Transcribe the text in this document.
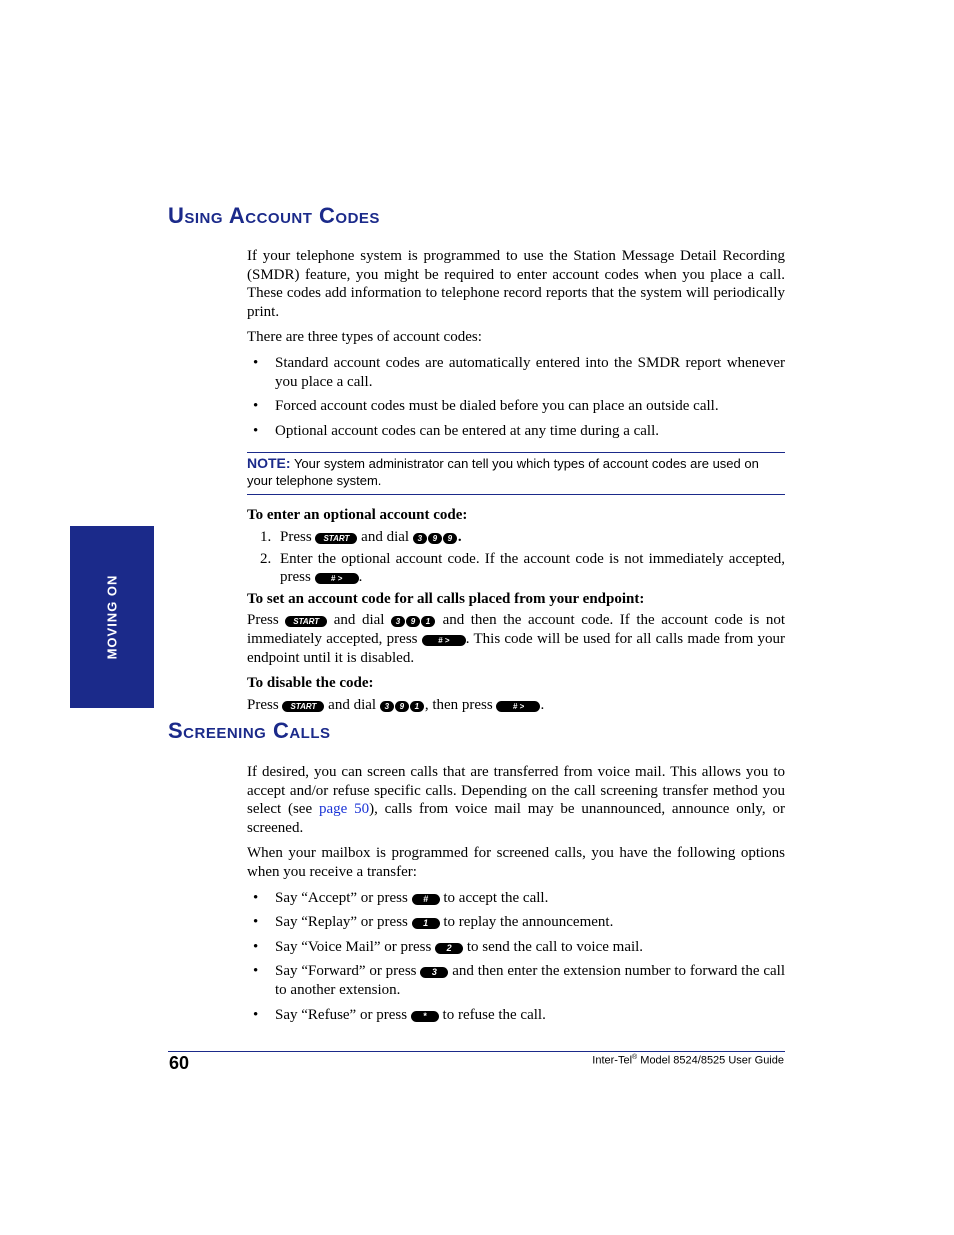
MOVING ON
Using Account Codes

If your telephone system is programmed to use the Station Message Detail Recording (SMDR) feature, you might be required to enter account codes when you place a call. These codes add information to telephone record reports that the system will periodically print.

There are three types of account codes:

• Standard account codes are automatically entered into the SMDR report whenever you place a call.

• Forced account codes must be dialed before you can place an outside call.

• Optional account codes can be entered at any time during a call.

NOTE: Your system administrator can tell you which types of account codes are used on your telephone system.

To enter an optional account code:

1. Press START and dial 3 9 9 .

2. Enter the optional account code. If the account code is not immediately accepted, press	# > .

To set an account code for all calls placed from your endpoint:

Press START and dial 3 9 1 and then the account code. If the account code is not immediately accepted, press	# > . This code will be used for all calls made from your endpoint until it is disabled.

To disable the code:

Press START and dial 3 9 1 , then press	# > .

Screening Calls

If desired, you can screen calls that are transferred from voice mail. This allows you to accept and/or refuse specific calls. Depending on the call screening transfer method you select (see page 50), calls from voice mail may be unannounced, announce only, or screened.

When your mailbox is programmed for screened calls, you have the following options when you receive a transfer:

• Say “Accept” or press # to accept the call.

• Say “Replay” or press 1 to replay the announcement.

• Say “Voice Mail” or press 2 to send the call to voice mail.

• Say “Forward” or press 3 and then enter the extension number to forward the call to another extension.

• Say “Refuse” or press * to refuse the call.

60	Inter-Tel® Model 8524/8525 User Guide
